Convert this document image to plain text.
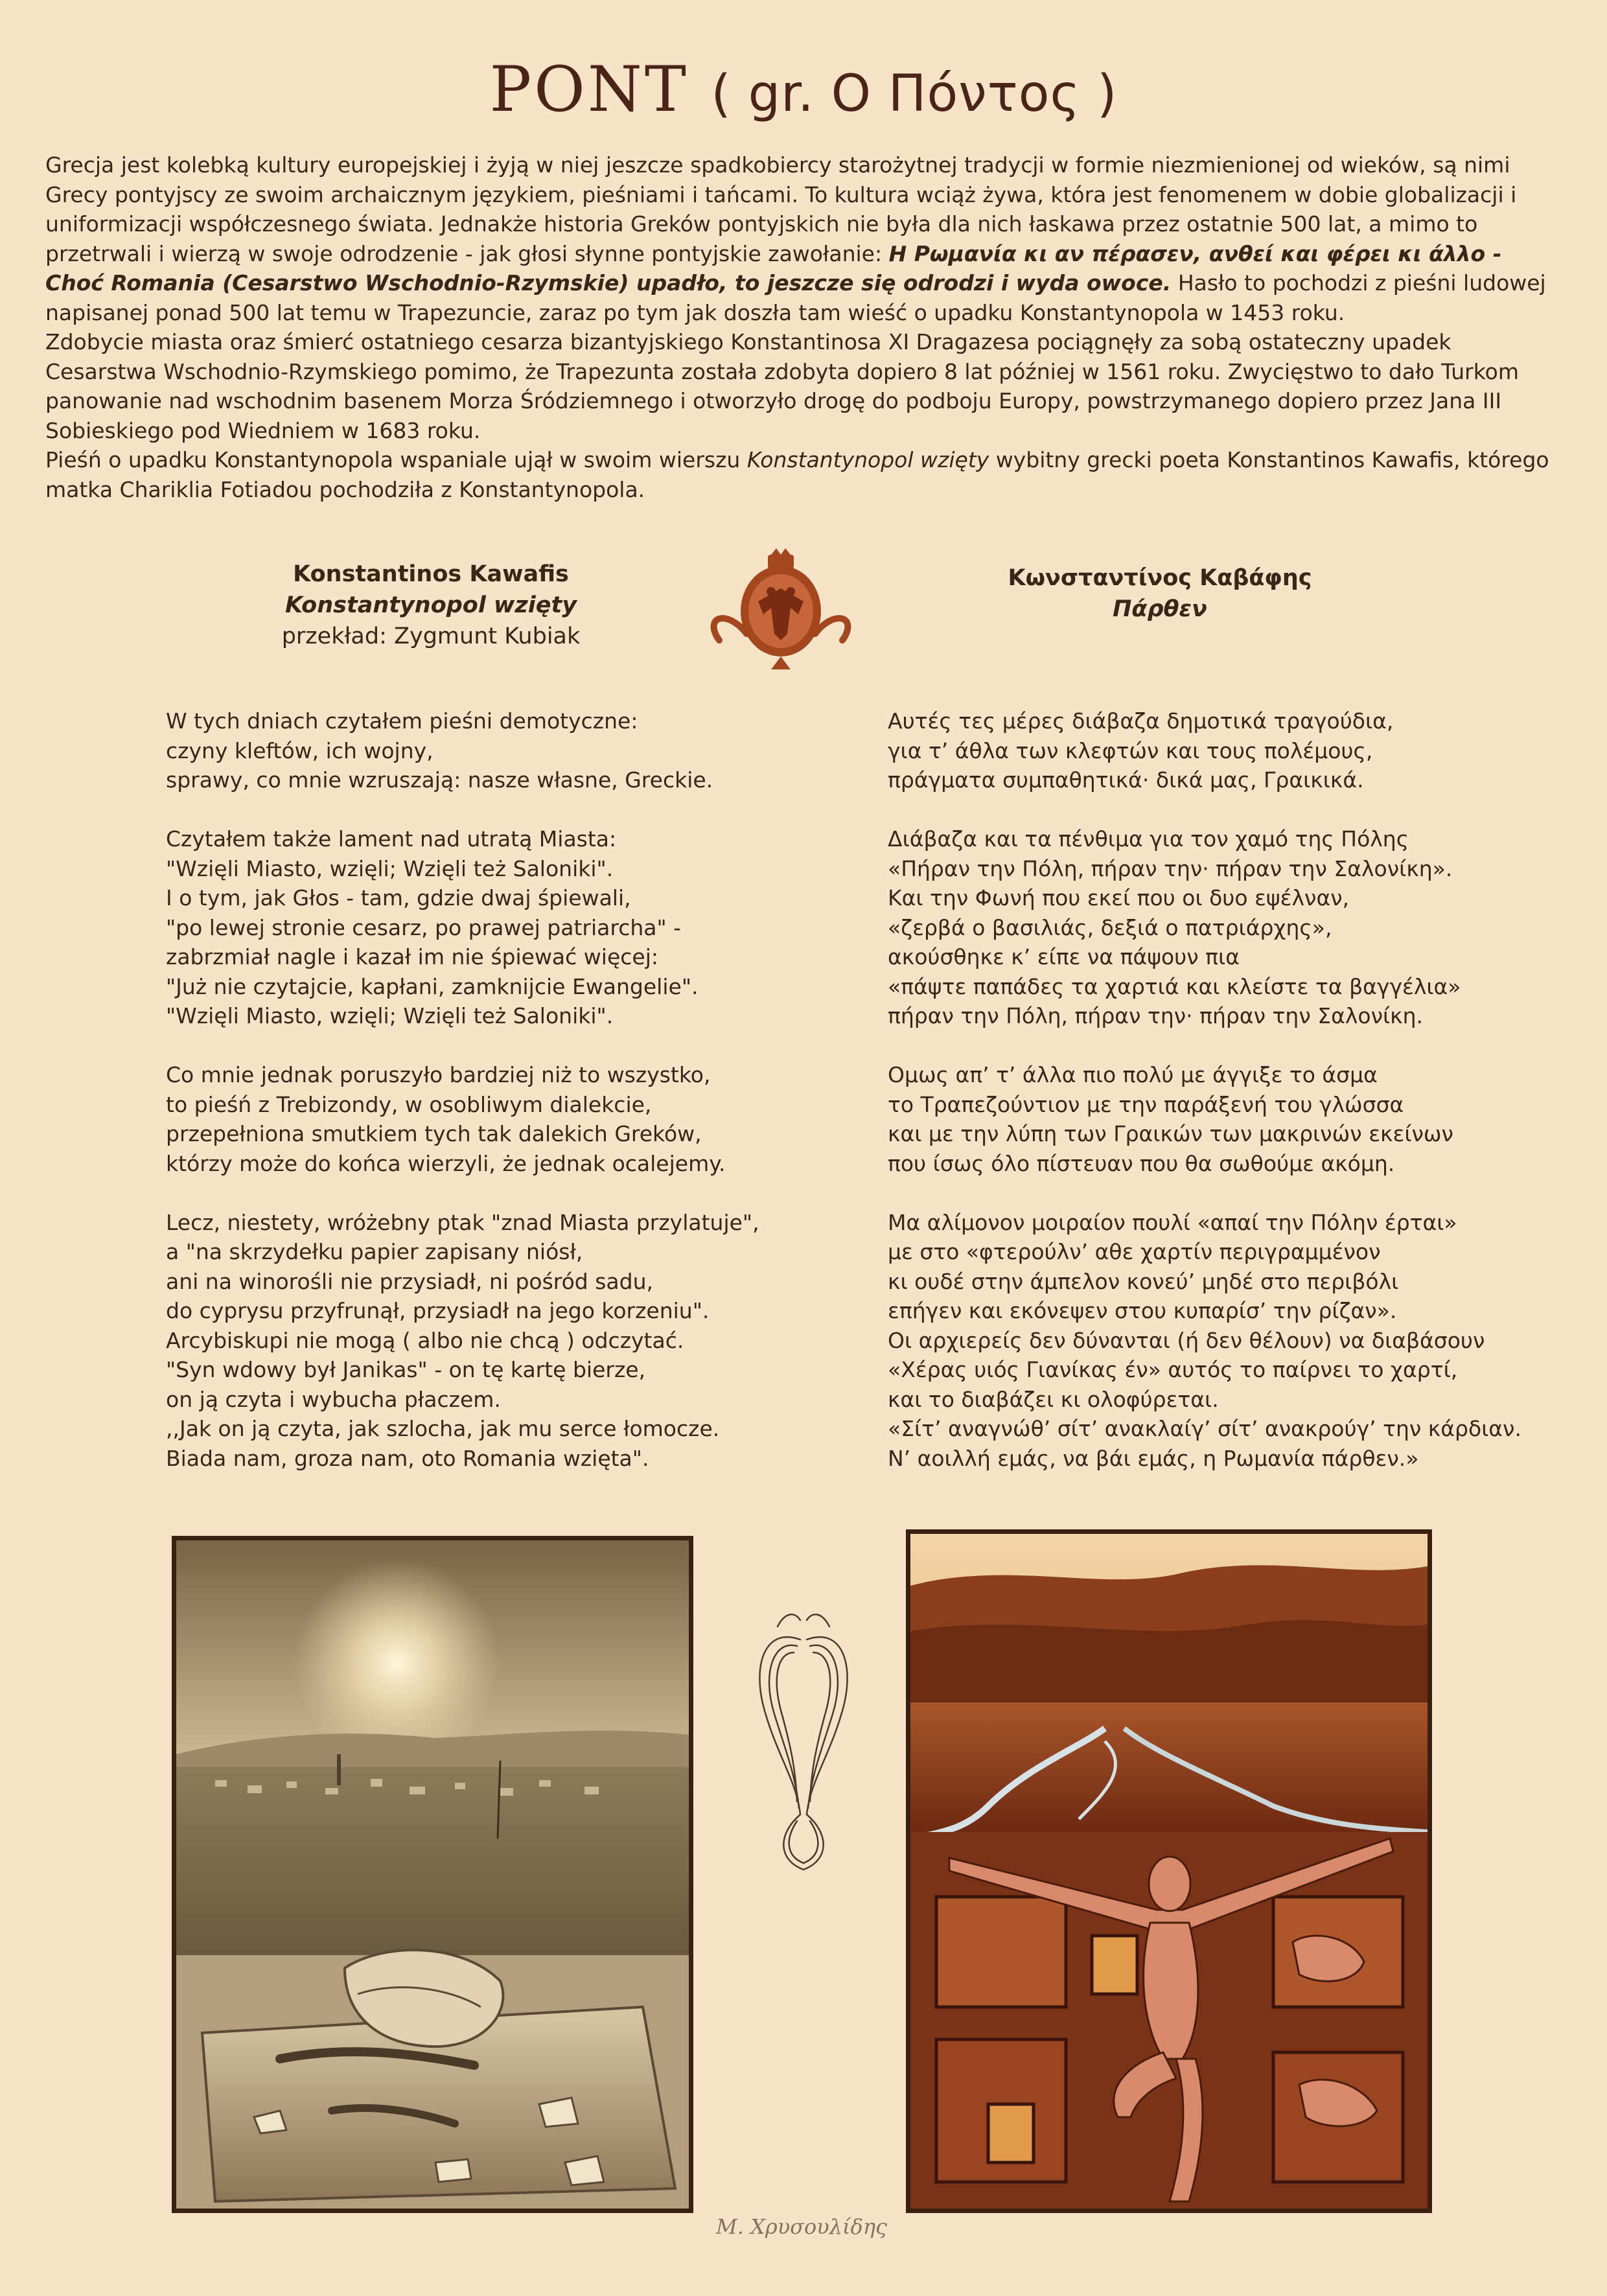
PONT ( gr. Ο Πόντος )

Grecja jest kolebką kultury europejskiej i żyją w niej jeszcze spadkobiercy starożytnej tradycji w formie niezmienionej od wieków, są nimi Grecy pontyjscy ze swoim archaicznym językiem, pieśniami i tańcami. To kultura wciąż żywa, która jest fenomenem w dobie globalizacji i uniformizacji współczesnego świata. Jednakże historia Greków pontyjskich nie była dla nich łaskawa przez ostatnie 500 lat, a mimo to przetrwali i wierzą w swoje odrodzenie - jak głosi słynne pontyjskie zawołanie: Η Ρωμανία κι αν πέρασεν, ανθεί και φέρει κι άλλο - Choć Romania (Cesarstwo Wschodnio-Rzymskie) upadło, to jeszcze się odrodzi i wyda owoce. Hasło to pochodzi z pieśni ludowej napisanej ponad 500 lat temu w Trapezuncie, zaraz po tym jak doszła tam wieść o upadku Konstantynopola w 1453 roku.

Zdobycie miasta oraz śmierć ostatniego cesarza bizantyjskiego Konstantinosa XI Dragazesa pociągnęły za sobą ostateczny upadek Cesarstwa Wschodnio-Rzymskiego pomimo, że Trapezunta została zdobyta dopiero 8 lat później w 1561 roku. Zwycięstwo to dało Turkom panowanie nad wschodnim basenem Morza Śródziemnego i otworzyło drogę do podboju Europy, powstrzymanego dopiero przez Jana III Sobieskiego pod Wiedniem w 1683 roku.

Pieśń o upadku Konstantynopola wspaniale ujął w swoim wierszu Konstantynopol wzięty wybitny grecki poeta Konstantinos Kawafis, którego matka Chariklia Fotiadou pochodziła z Konstantynopola.

Konstantinos Kawafis
Konstantynopol wzięty
przekład: Zygmunt Kubiak
Κωνσταντίνος Καβάφης
Πάρθεν
W tych dniach czytałem pieśni demotyczne:
czyny kleftów, ich wojny,
sprawy, co mnie wzruszają: nasze własne, Greckie.
Czytałem także lament nad utratą Miasta:
"Wzięli Miasto, wzięli; Wzięli też Saloniki".
I o tym, jak Głos - tam, gdzie dwaj śpiewali,
"po lewej stronie cesarz, po prawej patriarcha" -
zabrzmiał nagle i kazał im nie śpiewać więcej:
"Już nie czytajcie, kapłani, zamknijcie Ewangelie".
"Wzięli Miasto, wzięli; Wzięli też Saloniki".
Co mnie jednak poruszyło bardziej niż to wszystko,
to pieśń z Trebizondy, w osobliwym dialekcie,
przepełniona smutkiem tych tak dalekich Greków,
którzy może do końca wierzyli, że jednak ocalejemy.
Lecz, niestety, wróżebny ptak "znad Miasta przylatuje",
a "na skrzydełku papier zapisany niósł,
ani na winorośli nie przysiadł, ni pośród sadu,
do cyprysu przyfrunął, przysiadł na jego korzeniu".
Arcybiskupi nie mogą ( albo nie chcą ) odczytać.
"Syn wdowy był Janikas" - on tę kartę bierze,
on ją czyta i wybucha płaczem.
,,Jak on ją czyta, jak szlocha, jak mu serce łomocze.
Biada nam, groza nam, oto Romania wzięta".
Αυτές τες μέρες διάβαζα δημοτικά τραγούδια,
για τ’ άθλα των κλεφτών και τους πολέμους,
πράγματα συμπαθητικά· δικά μας, Γραικικά.
Διάβαζα και τα πένθιμα για τον χαμό της Πόλης
«Πήραν την Πόλη, πήραν την· πήραν την Σαλονίκη».
Και την Φωνή που εκεί που οι δυο εψέλναν,
«ζερβά ο βασιλιάς, δεξιά ο πατριάρχης»,
ακούσθηκε κ’ είπε να πάψουν πια
«πάψτε παπάδες τα χαρτιά και κλείστε τα βαγγέλια»
πήραν την Πόλη, πήραν την· πήραν την Σαλονίκη.
Ομως απ’ τ’ άλλα πιο πολύ με άγγιξε το άσμα
το Τραπεζούντιον με την παράξενή του γλώσσα
και με την λύπη των Γραικών των μακρινών εκείνων
που ίσως όλο πίστευαν που θα σωθούμε ακόμη.
Μα αλίμονον μοιραίον πουλί «απαί την Πόλην έρται»
με στο «φτερούλν’ αθε χαρτίν περιγραμμένον
κι ουδέ στην άμπελον κονεύ’ μηδέ στο περιβόλι
επήγεν και εκόνεψεν στου κυπαρίσ’ την ρίζαν».
Οι αρχιερείς δεν δύνανται (ή δεν θέλουν) να διαβάσουν
«Χέρας υιός Γιανίκας έν» αυτός το παίρνει το χαρτί,
και το διαβάζει κι ολοφύρεται.
«Σίτ’ αναγνώθ’ σίτ’ ανακλαίγ’ σίτ’ ανακρούγ’ την κάρδιαν.
Ν’ αοιλλή εμάς, να βάι εμάς, η Ρωμανία πάρθεν.»
Μ. Χρυσουλίδης
